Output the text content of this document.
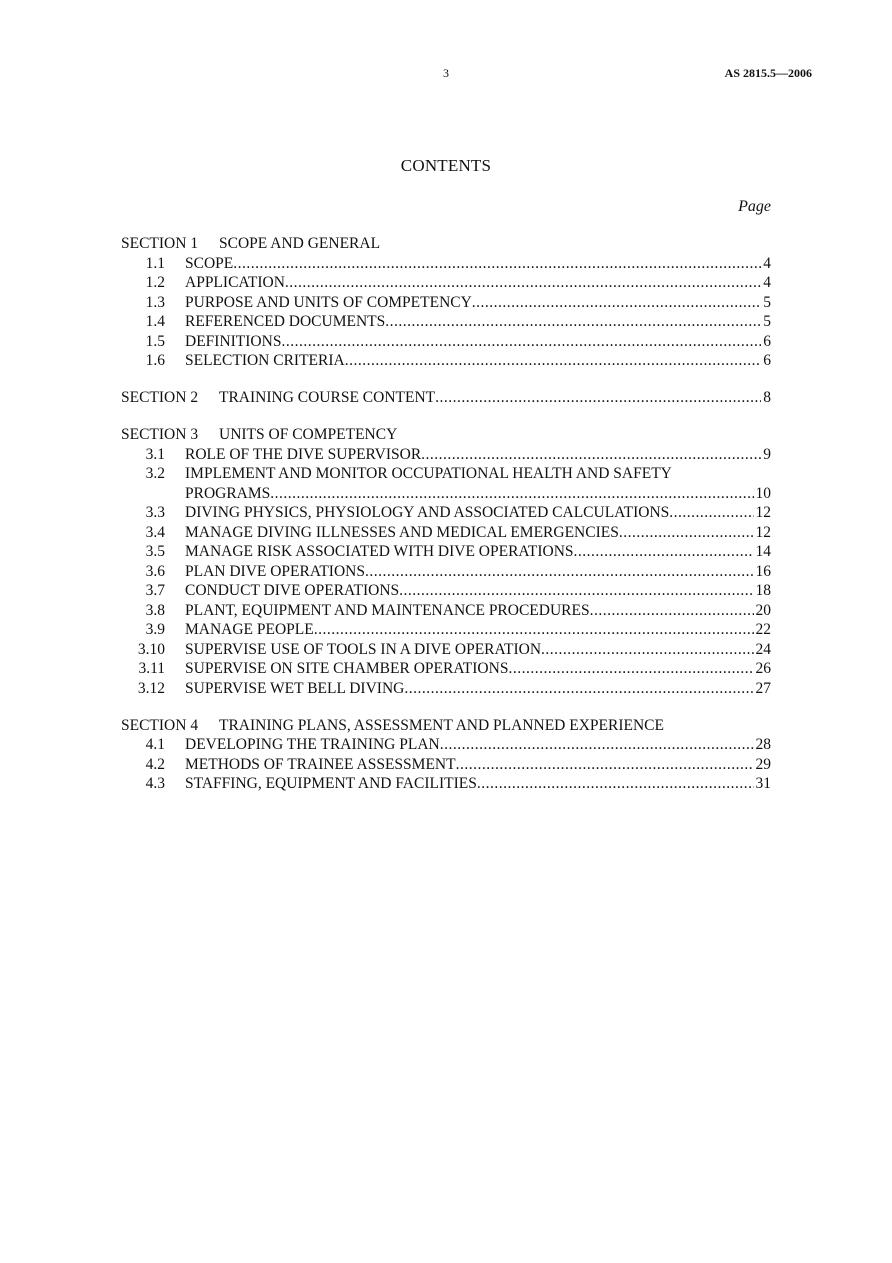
3	AS 2815.5—2006
CONTENTS
Page
SECTION 1	SCOPE AND GENERAL
1.1	SCOPE .....	4
1.2	APPLICATION .....	4
1.3	PURPOSE AND UNITS OF COMPETENCY .....	5
1.4	REFERENCED DOCUMENTS .....	5
1.5	DEFINITIONS .....	6
1.6	SELECTION CRITERIA .....	6
SECTION 2	TRAINING COURSE CONTENT .....	8
SECTION 3	UNITS OF COMPETENCY
3.1	ROLE OF THE DIVE SUPERVISOR .....	9
3.2	IMPLEMENT AND MONITOR OCCUPATIONAL HEALTH AND SAFETY
PROGRAMS .....	10
3.3	DIVING PHYSICS, PHYSIOLOGY AND ASSOCIATED CALCULATIONS .....	12
3.4	MANAGE DIVING ILLNESSES AND MEDICAL EMERGENCIES .....	12
3.5	MANAGE RISK ASSOCIATED WITH DIVE OPERATIONS .....	14
3.6	PLAN DIVE OPERATIONS .....	16
3.7	CONDUCT DIVE OPERATIONS .....	18
3.8	PLANT, EQUIPMENT AND MAINTENANCE PROCEDURES .....	20
3.9	MANAGE PEOPLE .....	22
3.10	SUPERVISE USE OF TOOLS IN A DIVE OPERATION .....	24
3.11	SUPERVISE ON SITE CHAMBER OPERATIONS .....	26
3.12	SUPERVISE WET BELL DIVING .....	27
SECTION 4	TRAINING PLANS, ASSESSMENT AND PLANNED EXPERIENCE
4.1	DEVELOPING THE TRAINING PLAN .....	28
4.2	METHODS OF TRAINEE ASSESSMENT .....	29
4.3	STAFFING, EQUIPMENT AND FACILITIES .....	31
